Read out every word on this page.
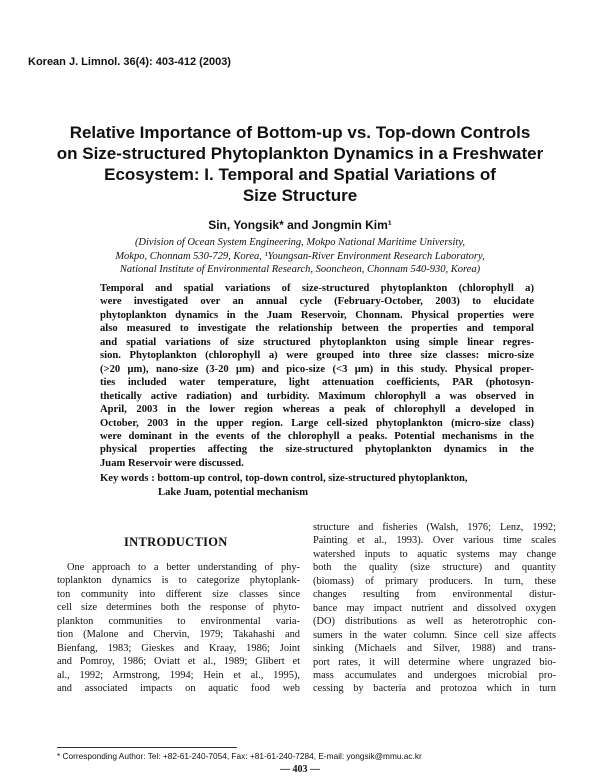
Korean J. Limnol. 36(4): 403-412 (2003)
Relative Importance of Bottom-up vs. Top-down Controls
on Size-structured Phytoplankton Dynamics in a Freshwater
Ecosystem: I. Temporal and Spatial Variations of
Size Structure
Sin, Yongsik* and Jongmin Kim¹
(Division of Ocean System Engineering, Mokpo National Maritime University,
Mokpo, Chonnam 530-729, Korea, ¹Youngsan-River Environment Research Laboratory,
National Institute of Environmental Research, Sooncheon, Chonnam 540-930, Korea)
Temporal and spatial variations of size-structured phytoplankton (chlorophyll a)
were investigated over an annual cycle (February-October, 2003) to elucidate
phytoplankton dynamics in the Juam Reservoir, Chonnam. Physical properties were
also measured to investigate the relationship between the properties and temporal
and spatial variations of size structured phytoplankton using simple linear regres-
sion. Phytoplankton (chlorophyll a) were grouped into three size classes: micro-size
(>20 μm), nano-size (3-20 μm) and pico-size (<3 μm) in this study. Physical proper-
ties included water temperature, light attenuation coefficients, PAR (photosyn-
thetically active radiation) and turbidity. Maximum chlorophyll a was observed in
April, 2003 in the lower region whereas a peak of chlorophyll a developed in
October, 2003 in the upper region. Large cell-sized phytoplankton (micro-size class)
were dominant in the events of the chlorophyll a peaks. Potential mechanisms in the
physical properties affecting the size-structured phytoplankton dynamics in the
Juam Reservoir were discussed.
Key words : bottom-up control, top-down control, size-structured phytoplankton,
Lake Juam, potential mechanism
INTRODUCTION
One approach to a better understanding of phy-
toplankton dynamics is to categorize phytoplank-
ton community into different size classes since
cell size determines both the response of phyto-
plankton communities to environmental varia-
tion (Malone and Chervin, 1979; Takahashi and
Bienfang, 1983; Gieskes and Kraay, 1986; Joint
and Pomroy, 1986; Oviatt et al., 1989; Glibert et
al., 1992; Armstrong, 1994; Hein et al., 1995),
and associated impacts on aquatic food web
structure and fisheries (Walsh, 1976; Lenz, 1992;
Painting et al., 1993). Over various time scales
watershed inputs to aquatic systems may change
both the quality (size structure) and quantity
(biomass) of primary producers. In turn, these
changes resulting from environmental distur-
bance may impact nutrient and dissolved oxygen
(DO) distributions as well as heterotrophic con-
sumers in the water column. Since cell size affects
sinking (Michaels and Silver, 1988) and trans-
port rates, it will determine where ungrazed bio-
mass accumulates and undergoes microbial pro-
cessing by bacteria and protozoa which in turn
* Corresponding Author: Tel: +82-61-240-7054, Fax: +81-61-240-7284, E-mail: yongsik@mmu.ac.kr
— 403 —
